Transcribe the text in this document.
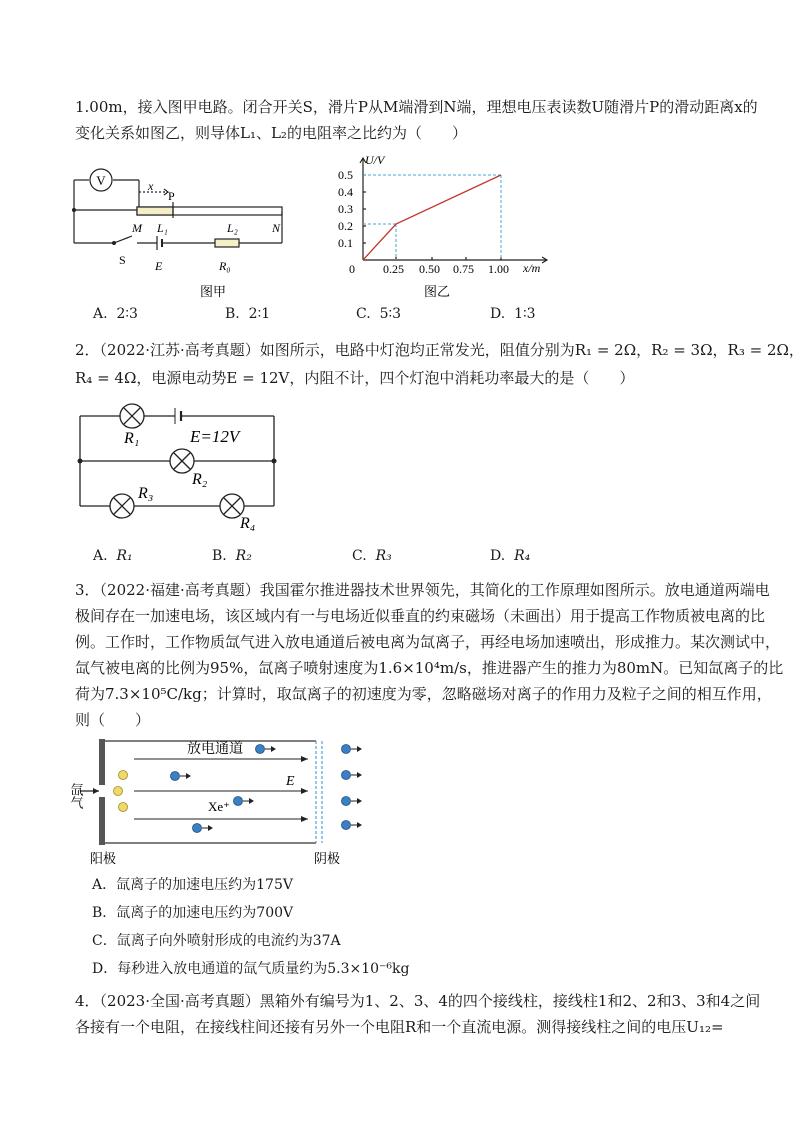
1.00m，接入图甲电路。闭合开关S，滑片P从M端滑到N端，理想电压表读数U随滑片P的滑动距离x的
变化关系如图乙，则导体L₁、L₂的电阻率之比约为（　　）
V	x
P
M L₁	L₂	N
S E	R₀
图甲
U/V
x/m
0
0.5
0.4
0.3
0.2
0.1
0.25 0.50 0.75 1.00
图乙
A. 2∶3	B. 2∶1	C. 5∶3	D. 1∶3
2．（2022·江苏·高考真题）如图所示，电路中灯泡均正常发光，阻值分别为R₁ = 2Ω，R₂ = 3Ω，R₃ = 2Ω，
R₄ = 4Ω，电源电动势E = 12V，内阻不计，四个灯泡中消耗功率最大的是（　　）
R₁	E=12V
R₂
R₃
R₄
A. R₁	B. R₂	C. R₃	D. R₄
3．（2022·福建·高考真题）我国霍尔推进器技术世界领先，其简化的工作原理如图所示。放电通道两端电
极间存在一加速电场，该区域内有一与电场近似垂直的约束磁场（未画出）用于提高工作物质被电离的比
例。工作时，工作物质氙气进入放电通道后被电离为氙离子，再经电场加速喷出，形成推力。某次测试中，
氙气被电离的比例为95%，氙离子喷射速度为1.6×10⁴m/s，推进器产生的推力为80mN。已知氙离子的比
荷为7.3×10⁵C/kg；计算时，取氙离子的初速度为零，忽略磁场对离子的作用力及粒子之间的相互作用，
则（　　）
放电通道
E
Xe⁺
氙气
阳极	阴极
A．氙离子的加速电压约为175V
B．氙离子的加速电压约为700V
C．氙离子向外喷射形成的电流约为37A
D．每秒进入放电通道的氙气质量约为5.3×10⁻⁶kg
4．（2023·全国·高考真题）黑箱外有编号为1、2、3、4的四个接线柱，接线柱1和2、2和3、3和4之间
各接有一个电阻，在接线柱间还接有另外一个电阻R和一个直流电源。测得接线柱之间的电压U₁₂=
